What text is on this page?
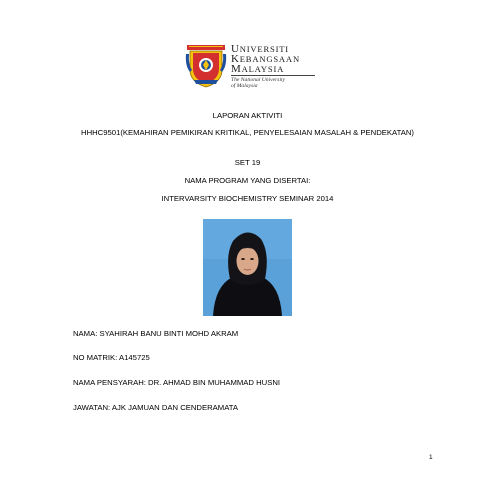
UNIVERSITI
KEBANGSAAN
MALAYSIA
The National University
of Malaysia
LAPORAN AKTIVITI
HHHC9501(KEMAHIRAN PEMIKIRAN KRITIKAL, PENYELESAIAN MASALAH & PENDEKATAN)
SET 19
NAMA PROGRAM YANG DISERTAI:
INTERVARSITY BIOCHEMISTRY SEMINAR 2014
NAMA: SYAHIRAH BANU BINTI MOHD AKRAM
NO MATRIK: A145725
NAMA PENSYARAH: DR. AHMAD BIN MUHAMMAD HUSNI
JAWATAN: AJK JAMUAN DAN CENDERAMATA
1
